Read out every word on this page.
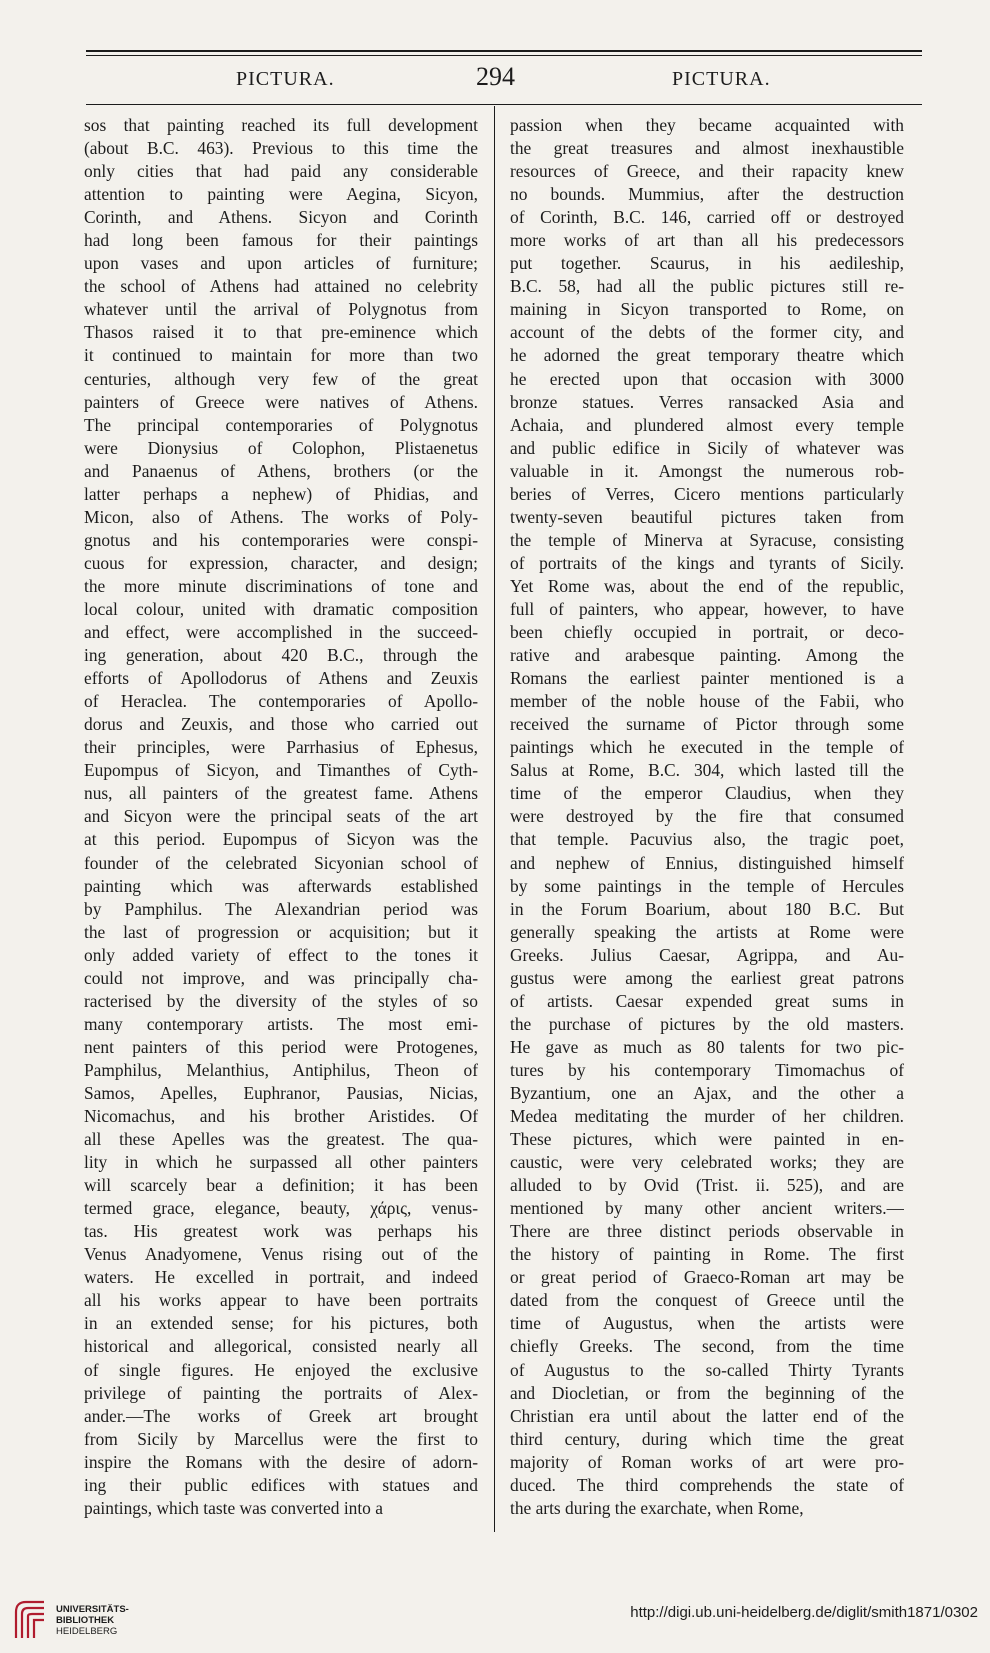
PICTURA.	294	PICTURA.
sos that painting reached its full development
(about B.C. 463). Previous to this time the
only cities that had paid any considerable
attention to painting were Aegina, Sicyon,
Corinth, and Athens. Sicyon and Corinth
had long been famous for their paintings
upon vases and upon articles of furniture;
the school of Athens had attained no celebrity
whatever until the arrival of Polygnotus from
Thasos raised it to that pre-eminence which
it continued to maintain for more than two
centuries, although very few of the great
painters of Greece were natives of Athens.
The principal contemporaries of Polygnotus
were Dionysius of Colophon, Plistaenetus
and Panaenus of Athens, brothers (or the
latter perhaps a nephew) of Phidias, and
Micon, also of Athens. The works of Poly-
gnotus and his contemporaries were conspi-
cuous for expression, character, and design;
the more minute discriminations of tone and
local colour, united with dramatic composition
and effect, were accomplished in the succeed-
ing generation, about 420 B.C., through the
efforts of Apollodorus of Athens and Zeuxis
of Heraclea. The contemporaries of Apollo-
dorus and Zeuxis, and those who carried out
their principles, were Parrhasius of Ephesus,
Eupompus of Sicyon, and Timanthes of Cyth-
nus, all painters of the greatest fame. Athens
and Sicyon were the principal seats of the art
at this period. Eupompus of Sicyon was the
founder of the celebrated Sicyonian school of
painting which was afterwards established
by Pamphilus. The Alexandrian period was
the last of progression or acquisition; but it
only added variety of effect to the tones it
could not improve, and was principally cha-
racterised by the diversity of the styles of so
many contemporary artists. The most emi-
nent painters of this period were Protogenes,
Pamphilus, Melanthius, Antiphilus, Theon of
Samos, Apelles, Euphranor, Pausias, Nicias,
Nicomachus, and his brother Aristides. Of
all these Apelles was the greatest. The qua-
lity in which he surpassed all other painters
will scarcely bear a definition; it has been
termed grace, elegance, beauty, χάρις, venus-
tas. His greatest work was perhaps his
Venus Anadyomene, Venus rising out of the
waters. He excelled in portrait, and indeed
all his works appear to have been portraits
in an extended sense; for his pictures, both
historical and allegorical, consisted nearly all
of single figures. He enjoyed the exclusive
privilege of painting the portraits of Alex-
ander.—The works of Greek art brought
from Sicily by Marcellus were the first to
inspire the Romans with the desire of adorn-
ing their public edifices with statues and
paintings, which taste was converted into a
passion when they became acquainted with
the great treasures and almost inexhaustible
resources of Greece, and their rapacity knew
no bounds. Mummius, after the destruction
of Corinth, B.C. 146, carried off or destroyed
more works of art than all his predecessors
put together. Scaurus, in his aedileship,
B.C. 58, had all the public pictures still re-
maining in Sicyon transported to Rome, on
account of the debts of the former city, and
he adorned the great temporary theatre which
he erected upon that occasion with 3000
bronze statues. Verres ransacked Asia and
Achaia, and plundered almost every temple
and public edifice in Sicily of whatever was
valuable in it. Amongst the numerous rob-
beries of Verres, Cicero mentions particularly
twenty-seven beautiful pictures taken from
the temple of Minerva at Syracuse, consisting
of portraits of the kings and tyrants of Sicily.
Yet Rome was, about the end of the republic,
full of painters, who appear, however, to have
been chiefly occupied in portrait, or deco-
rative and arabesque painting. Among the
Romans the earliest painter mentioned is a
member of the noble house of the Fabii, who
received the surname of Pictor through some
paintings which he executed in the temple of
Salus at Rome, B.C. 304, which lasted till the
time of the emperor Claudius, when they
were destroyed by the fire that consumed
that temple. Pacuvius also, the tragic poet,
and nephew of Ennius, distinguished himself
by some paintings in the temple of Hercules
in the Forum Boarium, about 180 B.C. But
generally speaking the artists at Rome were
Greeks. Julius Caesar, Agrippa, and Au-
gustus were among the earliest great patrons
of artists. Caesar expended great sums in
the purchase of pictures by the old masters.
He gave as much as 80 talents for two pic-
tures by his contemporary Timomachus of
Byzantium, one an Ajax, and the other a
Medea meditating the murder of her children.
These pictures, which were painted in en-
caustic, were very celebrated works; they are
alluded to by Ovid (Trist. ii. 525), and are
mentioned by many other ancient writers.—
There are three distinct periods observable in
the history of painting in Rome. The first
or great period of Graeco-Roman art may be
dated from the conquest of Greece until the
time of Augustus, when the artists were
chiefly Greeks. The second, from the time
of Augustus to the so-called Thirty Tyrants
and Diocletian, or from the beginning of the
Christian era until about the latter end of the
third century, during which time the great
majority of Roman works of art were pro-
duced. The third comprehends the state of
the arts during the exarchate, when Rome,
UNIVERSITÄTS-
BIBLIOTHEK
HEIDELBERG
http://digi.ub.uni-heidelberg.de/diglit/smith1871/0302
